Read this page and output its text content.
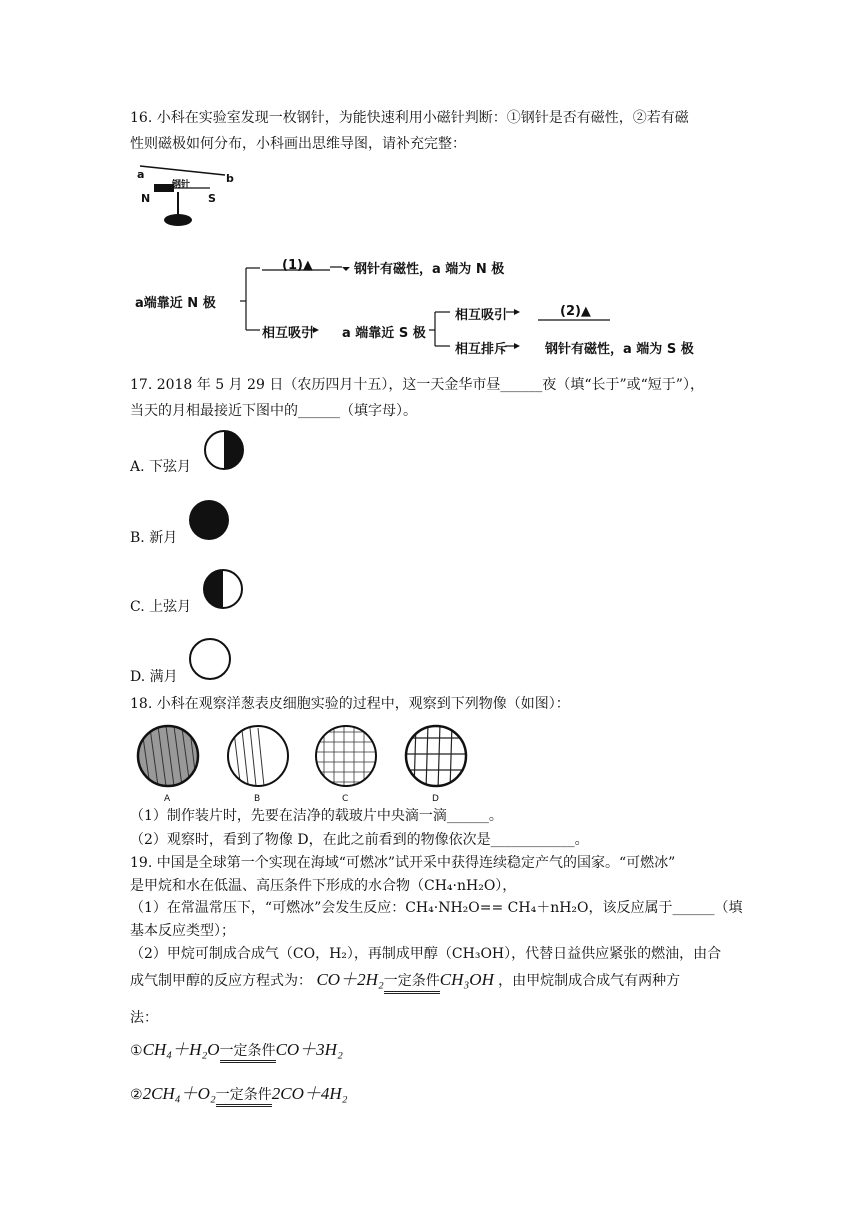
16. 小科在实验室发现一枚钢针，为能快速利用小磁针判断：①钢针是否有磁性，②若有磁
性则磁极如何分布，小科画出思维导图，请补充完整：
a	b
钢针
N	S
a端靠近 N 极
(1)▲	钢针有磁性，a 端为 N 极
相互吸引 a 端靠近 S 极
相互吸引	(2)▲
相互排斥	钢针有磁性，a 端为 S 极
17. 2018 年 5 月 29 日（农历四月十五），这一天金华市昼______夜（填“长于”或“短于”），
当天的月相最接近下图中的______（填字母）。
A. 下弦月
B. 新月
C. 上弦月
D. 满月
18. 小科在观察洋葱表皮细胞实验的过程中，观察到下列物像（如图）：
A	B	C	D
（1）制作装片时，先要在洁净的载玻片中央滴一滴______。
（2）观察时，看到了物像 D，在此之前看到的物像依次是____________。
19. 中国是全球第一个实现在海域“可燃冰”试开采中获得连续稳定产气的国家。“可燃冰”
是甲烷和水在低温、高压条件下形成的水合物（CH₄·nH₂O），
（1）在常温常压下，“可燃冰”会发生反应：CH₄·NH₂O== CH₄＋nH₂O，该反应属于______（填
基本反应类型）；
（2）甲烷可制成合成气（CO，H₂），再制成甲醇（CH₃OH），代替日益供应紧张的燃油，由合
成气制甲醇的反应方程式为： CO＋2H₂一定条件CH₃OH ，由甲烷制成合成气有两种方
法：
①CH₄＋H₂O一定条件CO＋3H₂
②2CH₄＋O₂一定条件2CO＋4H₂
